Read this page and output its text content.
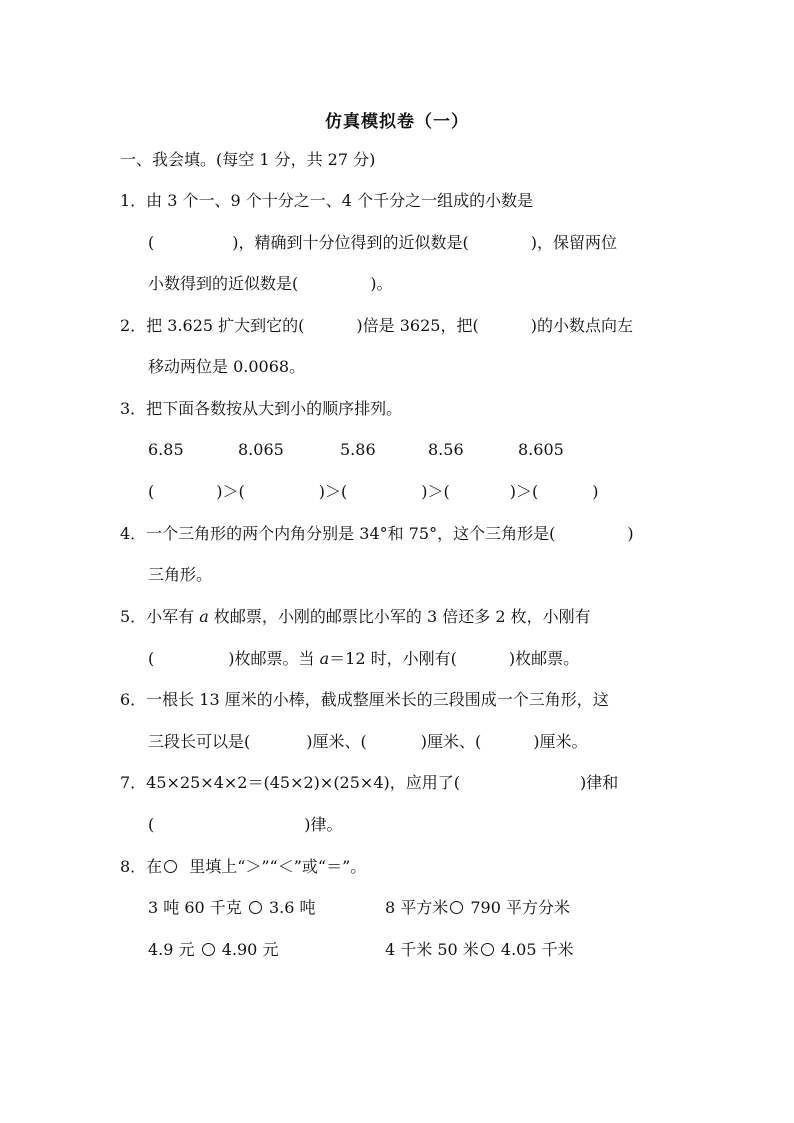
仿真模拟卷（一）
一、我会填。(每空 1 分，共 27 分)
1．由 3 个一、9 个十分之一、4 个千分之一组成的小数是
(	)，精确到十分位得到的近似数是(	)，保留两位
小数得到的近似数是(	)。
2．把 3.625 扩大到它的(	)倍是 3625，把(	)的小数点向左
移动两位是 0.0068。
3．把下面各数按从大到小的顺序排列。
6.85	8.065	5.86	8.56	8.605
(	)＞(	)＞(	)＞(	)＞(	)
4．一个三角形的两个内角分别是 34°和 75°，这个三角形是(	)
三角形。
5．小军有 a 枚邮票，小刚的邮票比小军的 3 倍还多 2 枚，小刚有
(	)枚邮票。当 a＝12 时，小刚有(	)枚邮票。
6．一根长 13 厘米的小棒，截成整厘米长的三段围成一个三角形，这
三段长可以是(	)厘米、(	)厘米、(	)厘米。
7．45×25×4×2＝(45×2)×(25×4)，应用了(	)律和
(	)律。
8．在 里填上“＞”“＜”或“＝”。
3 吨 60 千克 3.6 吨	8 平方米 790 平方分米
4.9 元 4.90 元	4 千米 50 米 4.05 千米
